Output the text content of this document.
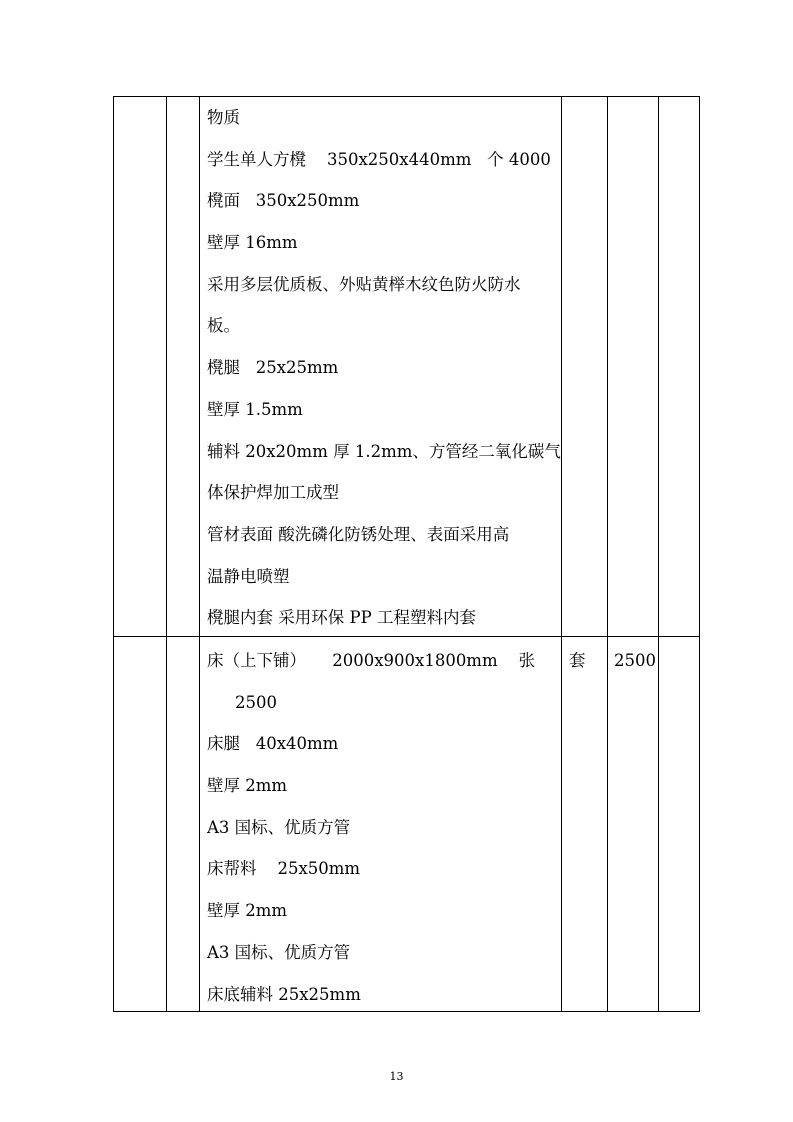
物质
学生单人方櫈    350x250x440mm   个 4000
櫈面   350x250mm
壁厚 16mm
采用多层优质板、外贴黄榉木纹色防火防水
板。
櫈腿   25x25mm
壁厚 1.5mm
辅料 20x20mm 厚 1.2mm、方管经二氧化碳气
体保护焊加工成型
管材表面 酸洗磷化防锈处理、表面采用高
温静电喷塑
櫈腿内套 采用环保 PP 工程塑料内套
床（上下铺）     2000x900x1800mm    张
2500
床腿   40x40mm
壁厚 2mm
A3 国标、优质方管
床帮料    25x50mm
壁厚 2mm
A3 国标、优质方管
床底辅料 25x25mm
套 2500
13
